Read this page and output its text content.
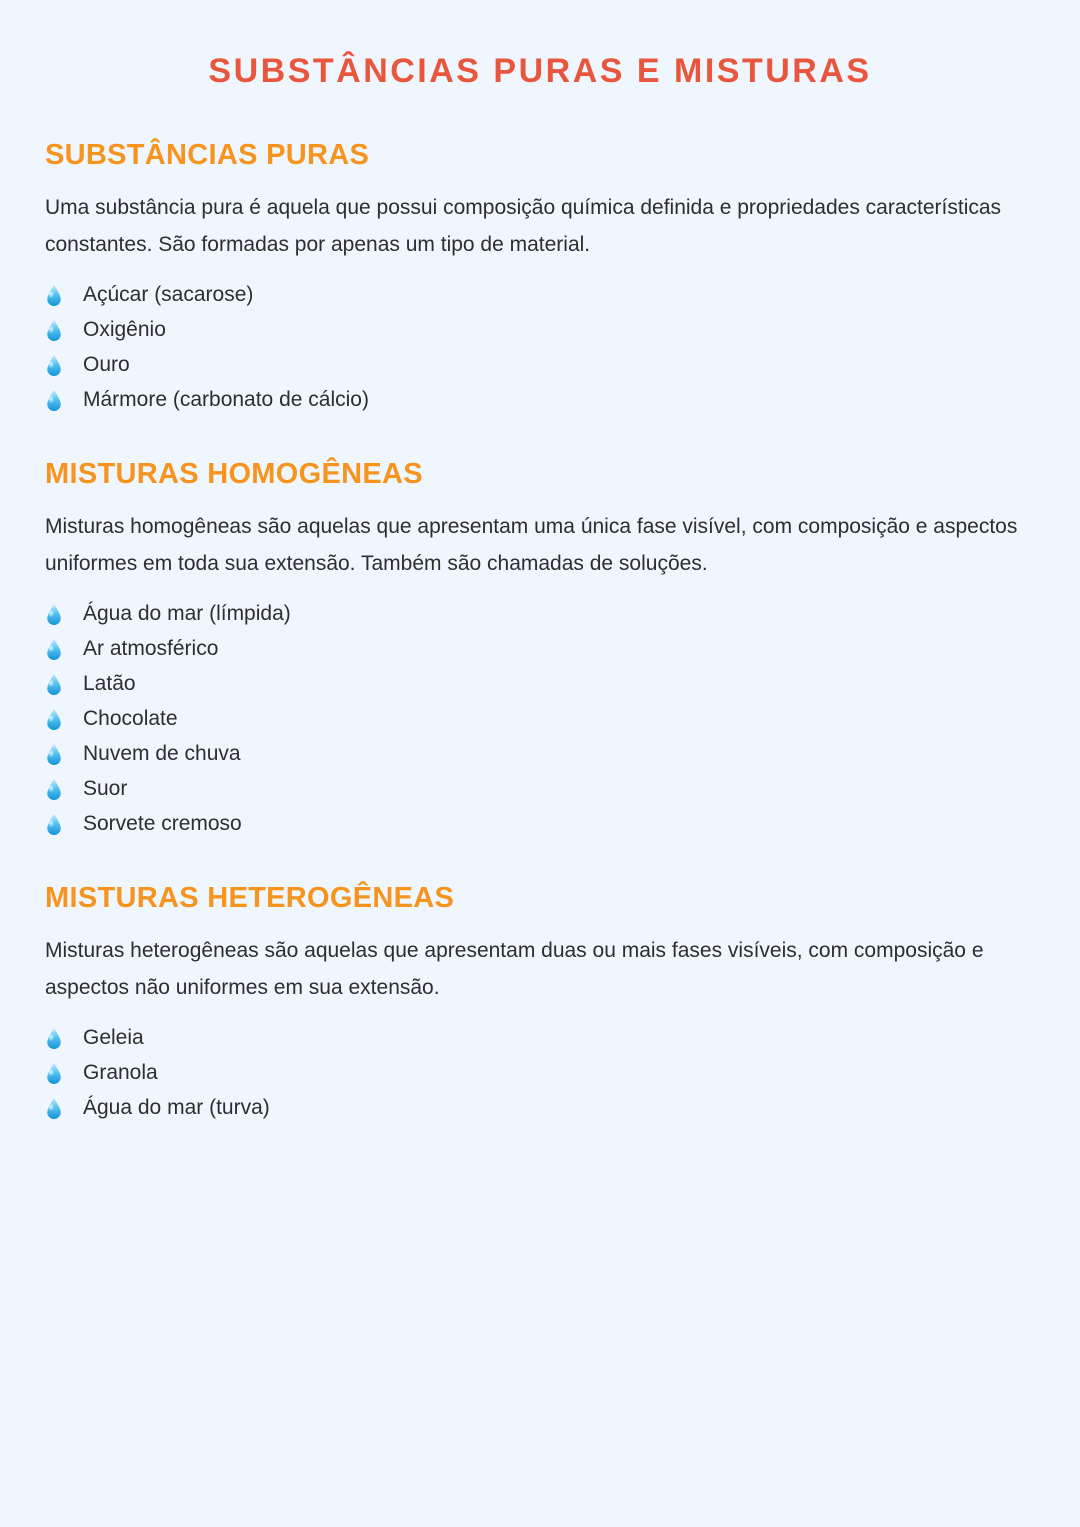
SUBSTÂNCIAS PURAS E MISTURAS
SUBSTÂNCIAS PURAS

Uma substância pura é aquela que possui composição química definida e propriedades características constantes. São formadas por apenas um tipo de material.

Açúcar (sacarose)
Oxigênio
Ouro
Mármore (carbonato de cálcio)
MISTURAS HOMOGÊNEAS

Misturas homogêneas são aquelas que apresentam uma única fase visível, com composição e aspectos uniformes em toda sua extensão. Também são chamadas de soluções.

Água do mar (límpida)
Ar atmosférico
Latão
Chocolate
Nuvem de chuva
Suor
Sorvete cremoso
MISTURAS HETEROGÊNEAS

Misturas heterogêneas são aquelas que apresentam duas ou mais fases visíveis, com composição e aspectos não uniformes em sua extensão.

Geleia
Granola
Água do mar (turva)
